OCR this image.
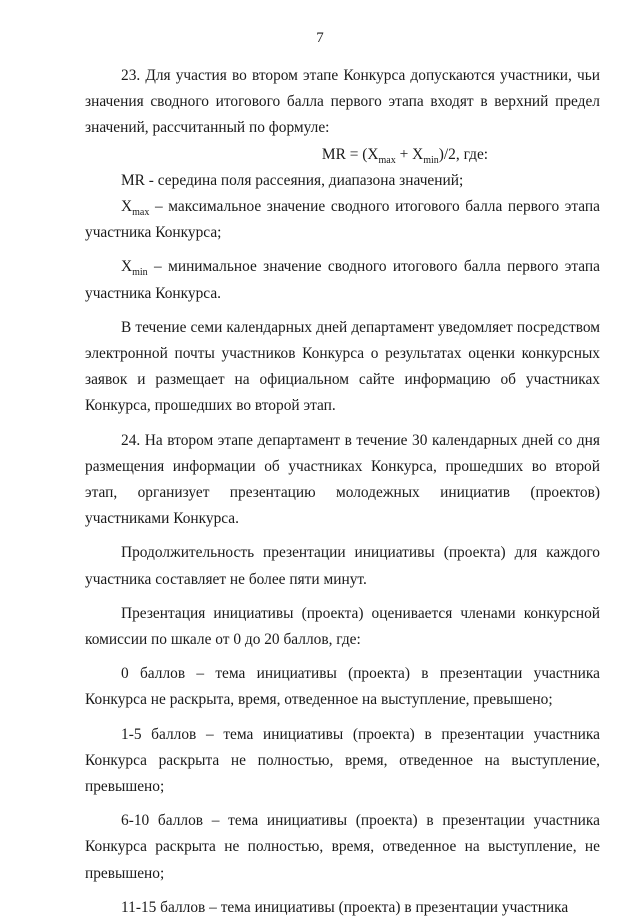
7

23. Для участия во втором этапе Конкурса допускаются участники, чьи значения сводного итогового балла первого этапа входят в верхний предел значений, рассчитанный по формуле:

MR = $(X_{max} + X_{min})/2$, где:

MR - середина поля рассеяния, диапазона значений;

$X_{max}$ – максимальное значение сводного итогового балла первого этапа участника Конкурса;

$X_{min}$ – минимальное значение сводного итогового балла первого этапа участника Конкурса.

В течение семи календарных дней департамент уведомляет посредством электронной почты участников Конкурса о результатах оценки конкурсных заявок и размещает на официальном сайте информацию об участниках Конкурса, прошедших во второй этап.

24. На втором этапе департамент в течение 30 календарных дней со дня размещения информации об участниках Конкурса, прошедших во второй этап, организует презентацию молодежных инициатив (проектов) участниками Конкурса.

Продолжительность презентации инициативы (проекта) для каждого участника составляет не более пяти минут.

Презентация инициативы (проекта) оценивается членами конкурсной комиссии по шкале от 0 до 20 баллов, где:

0 баллов – тема инициативы (проекта) в презентации участника Конкурса не раскрыта, время, отведенное на выступление, превышено;

1-5 баллов – тема инициативы (проекта) в презентации участника Конкурса раскрыта не полностью, время, отведенное на выступление, превышено;

6-10 баллов – тема инициативы (проекта) в презентации участника Конкурса раскрыта не полностью, время, отведенное на выступление, не превышено;

11-15 баллов – тема инициативы (проекта) в презентации участника
